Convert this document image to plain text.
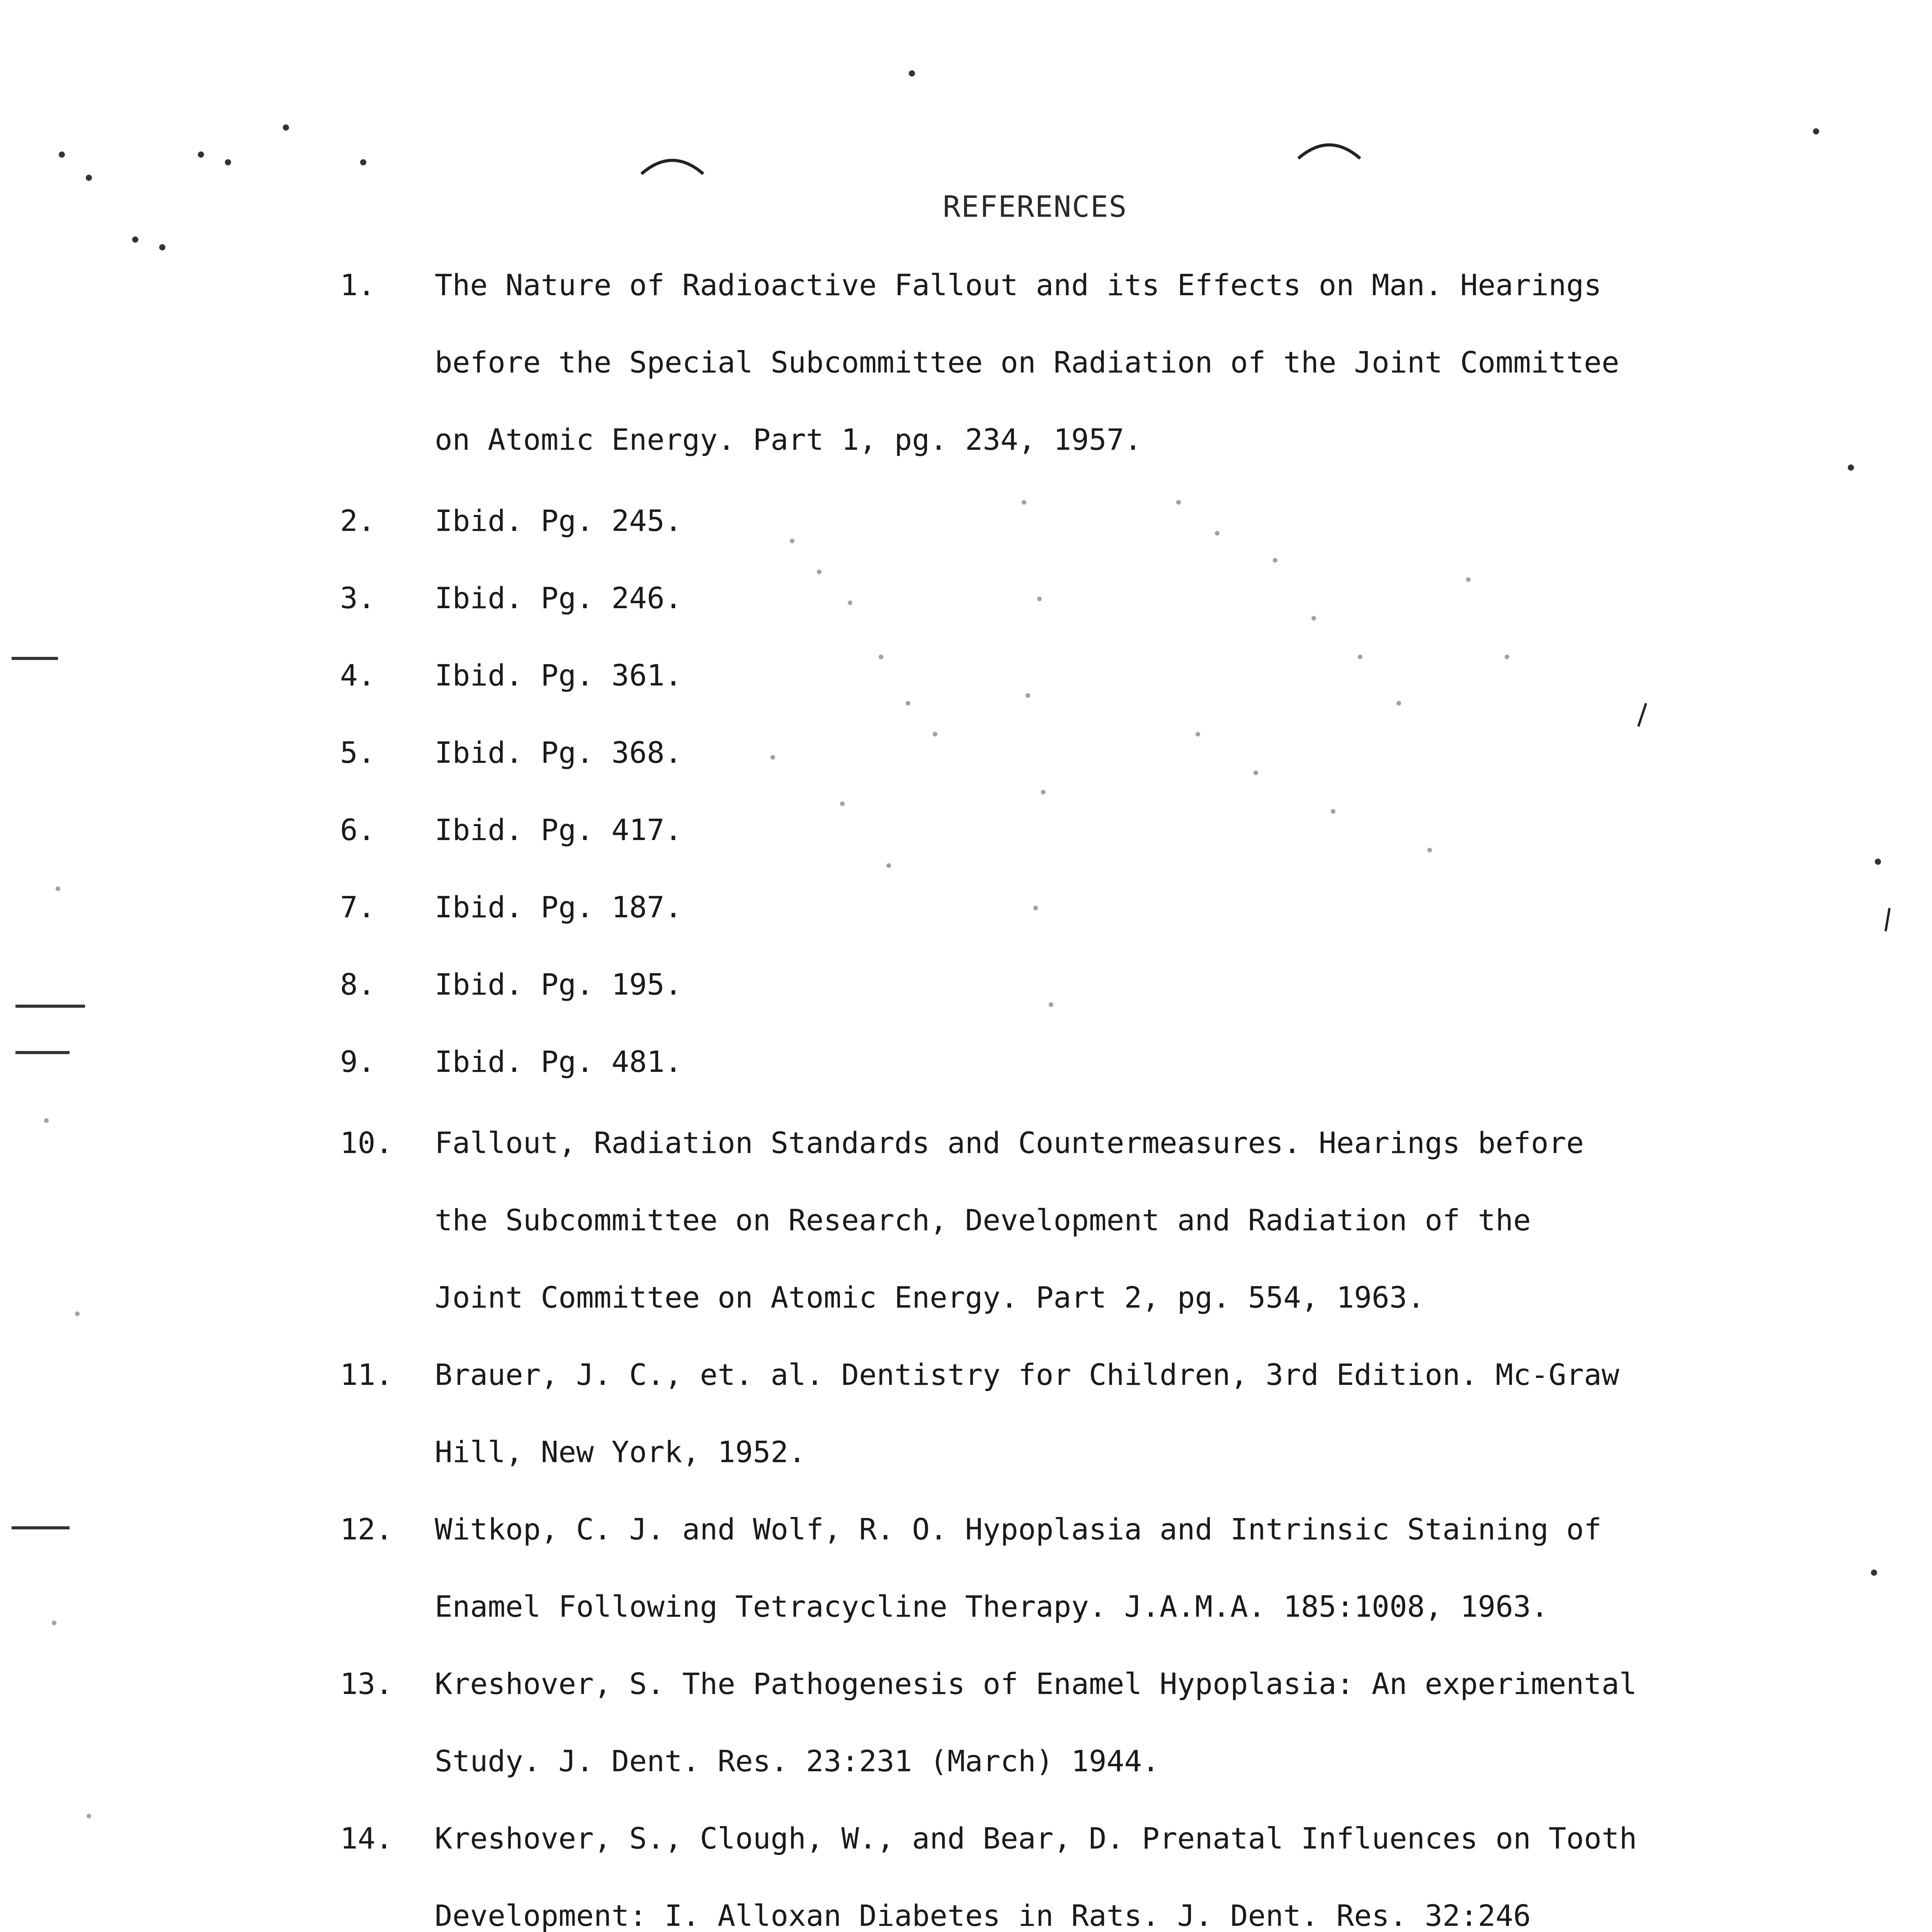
REFERENCES
1.	The Nature of Radioactive Fallout and its Effects on Man. Hearings
before the Special Subcommittee on Radiation of the Joint Committee
on Atomic Energy. Part 1, pg. 234, 1957.
2.	Ibid. Pg. 245.
3.	Ibid. Pg. 246.
4.	Ibid. Pg. 361.
5.	Ibid. Pg. 368.
6.	Ibid. Pg. 417.
7.	Ibid. Pg. 187.
8.	Ibid. Pg. 195.
9.	Ibid. Pg. 481.
10.	Fallout, Radiation Standards and Countermeasures. Hearings before
the Subcommittee on Research, Development and Radiation of the
Joint Committee on Atomic Energy. Part 2, pg. 554, 1963.
11.	Brauer, J. C., et. al. Dentistry for Children, 3rd Edition. Mc-Graw
Hill, New York, 1952.
12.	Witkop, C. J. and Wolf, R. O. Hypoplasia and Intrinsic Staining of
Enamel Following Tetracycline Therapy. J.A.M.A. 185:1008, 1963.
13.	Kreshover, S. The Pathogenesis of Enamel Hypoplasia: An experimental
Study. J. Dent. Res. 23:231 (March) 1944.
14.	Kreshover, S., Clough, W., and Bear, D. Prenatal Influences on Tooth
Development: I. Alloxan Diabetes in Rats. J. Dent. Res. 32:246
